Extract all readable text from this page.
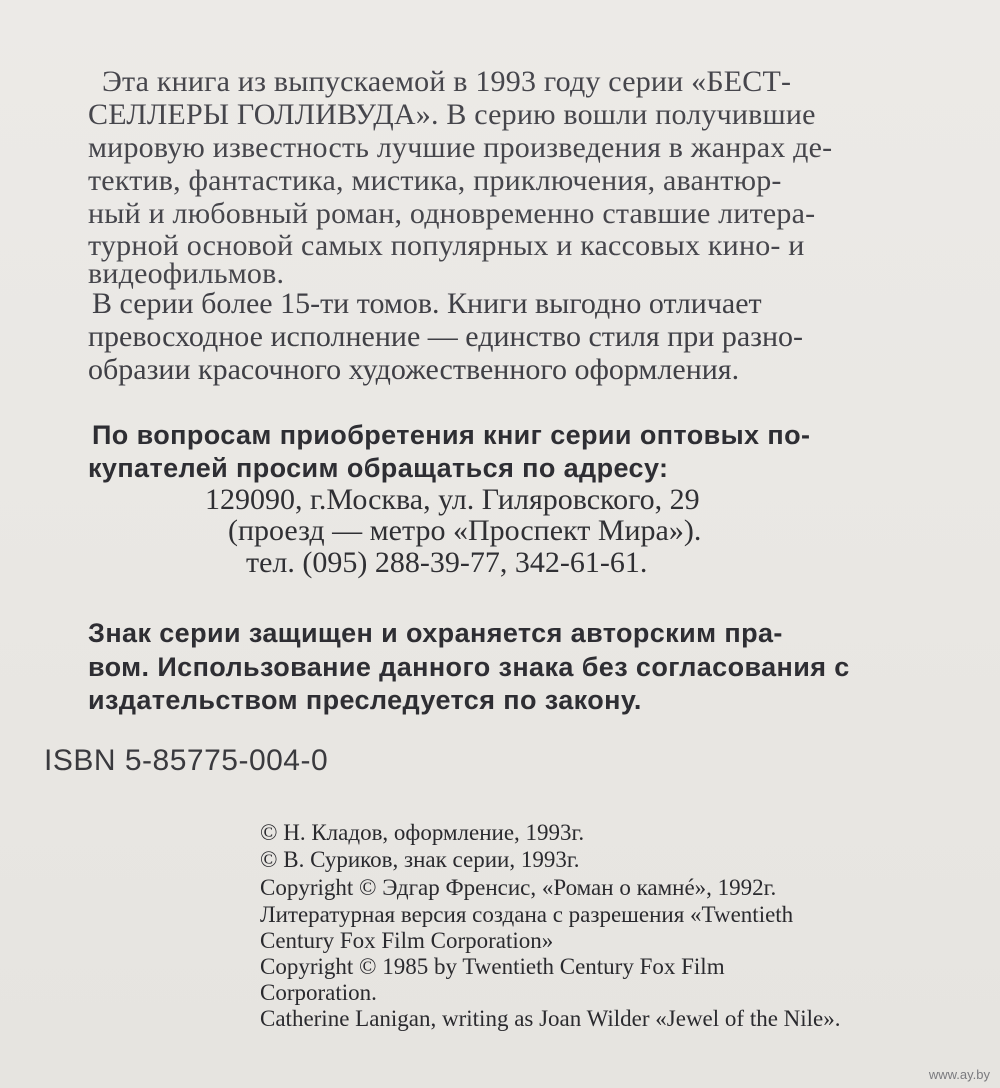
Эта книга из выпускаемой в 1993 году серии «БЕСТ-

СЕЛЛЕРЫ ГОЛЛИВУДА». В серию вошли получившие

мировую известность лучшие произведения в жанрах де-

тектив, фантастика, мистика, приключения, авантюр-

ный и любовный роман, одновременно ставшие литера-

турной основой самых популярных и кассовых кино- и

видеофильмов.

В серии более 15-ти томов. Книги выгодно отличает

превосходное исполнение — единство стиля при разно-

образии красочного художественного оформления.

По вопросам приобретения книг серии оптовых по-

купателей просим обращаться по адресу:

129090, г.Москва, ул. Гиляровского, 29

(проезд — метро «Проспект Мира»).

тел. (095) 288-39-77, 342-61-61.

Знак серии защищен и охраняется авторским пра-

вом. Использование данного знака без согласования с

издательством преследуется по закону.

ISBN 5-85775-004-0

© Н. Кладов, оформление, 1993г.

© В. Суриков, знак серии, 1993г.

Copyright © Эдгар Френсис, «Роман о камнé», 1992г.

Литературная версия создана с разрешения «Twentieth

Century Fox Film Corporation»

Copyright © 1985 by Twentieth Century Fox Film

Corporation.

Catherine Lanigan, writing as Joan Wilder «Jewel of the Nile».

www.ay.by
